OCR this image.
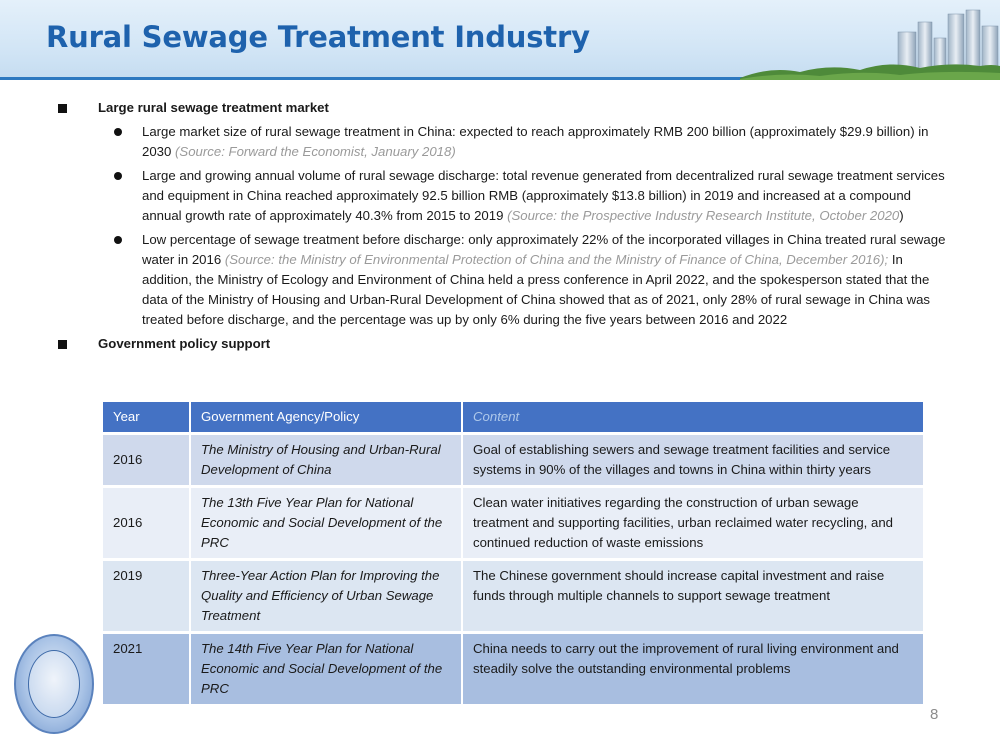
Rural Sewage Treatment Industry
Large rural sewage treatment market
Large market size of rural sewage treatment in China: expected to reach approximately RMB 200 billion (approximately $29.9 billion) in 2030 (Source: Forward the Economist, January 2018)
Large and growing annual volume of rural sewage discharge: total revenue generated from decentralized rural sewage treatment services and equipment in China reached approximately 92.5 billion RMB (approximately $13.8 billion) in 2019 and increased at a compound annual growth rate of approximately 40.3% from 2015 to 2019 (Source: the Prospective Industry Research Institute, October 2020)
Low percentage of sewage treatment before discharge: only approximately 22% of the incorporated villages in China treated rural sewage water in 2016 (Source: the Ministry of Environmental Protection of China and the Ministry of Finance of China, December 2016); In addition, the Ministry of Ecology and Environment of China held a press conference in April 2022, and the spokesperson stated that the data of the Ministry of Housing and Urban-Rural Development of China showed that as of 2021, only 28% of rural sewage in China was treated before discharge, and the percentage was up by only 6% during the five years between 2016 and 2022
Government policy support
Year	Government Agency/Policy	Content
2016	The Ministry of Housing and Urban-Rural Development of China	Goal of establishing sewers and sewage treatment facilities and service systems in 90% of the villages and towns in China within thirty years
2016	The 13th Five Year Plan for National Economic and Social Development of the PRC	Clean water initiatives regarding the construction of urban sewage treatment and supporting facilities, urban reclaimed water recycling, and continued reduction of waste emissions
2019	Three-Year Action Plan for Improving the Quality and Efficiency of Urban Sewage Treatment	The Chinese government should increase capital investment and raise funds through multiple channels to support sewage treatment
2021	The 14th Five Year Plan for National Economic and Social Development of the PRC	China needs to carry out the improvement of rural living environment and steadily solve the outstanding environmental problems
8
